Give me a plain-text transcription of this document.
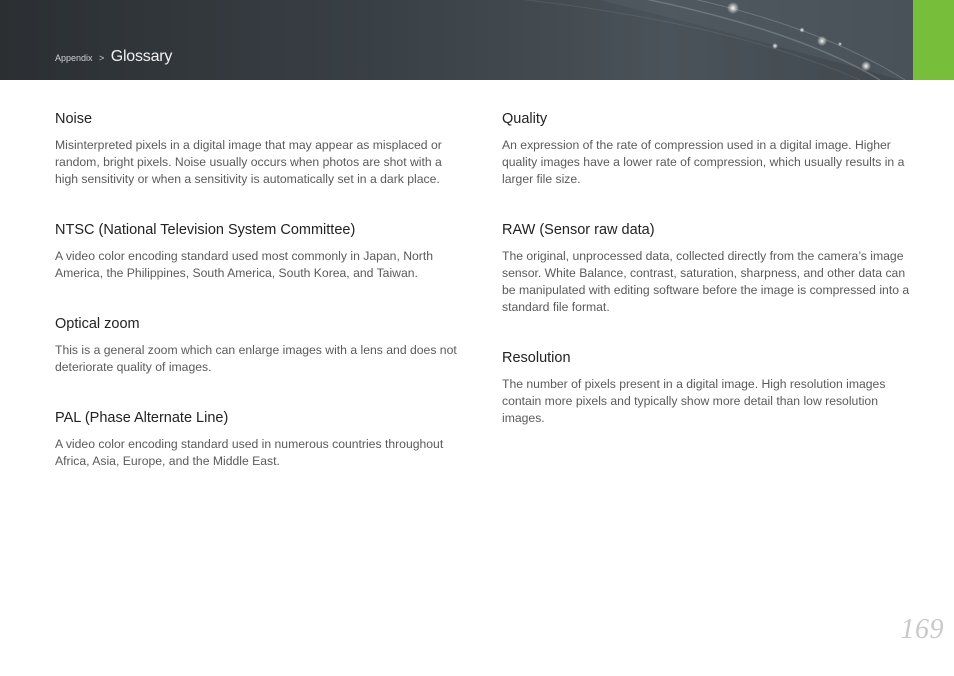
Appendix > Glossary
Noise

Misinterpreted pixels in a digital image that may appear as misplaced or random, bright pixels. Noise usually occurs when photos are shot with a high sensitivity or when a sensitivity is automatically set in a dark place.

NTSC (National Television System Committee)

A video color encoding standard used most commonly in Japan, North America, the Philippines, South America, South Korea, and Taiwan.

Optical zoom

This is a general zoom which can enlarge images with a lens and does not deteriorate quality of images.

PAL (Phase Alternate Line)

A video color encoding standard used in numerous countries throughout Africa, Asia, Europe, and the Middle East.

Quality

An expression of the rate of compression used in a digital image. Higher quality images have a lower rate of compression, which usually results in a larger file size.

RAW (Sensor raw data)

The original, unprocessed data, collected directly from the camera’s image sensor. White Balance, contrast, saturation, sharpness, and other data can be manipulated with editing software before the image is compressed into a standard file format.

Resolution

The number of pixels present in a digital image. High resolution images contain more pixels and typically show more detail than low resolution images.

169
